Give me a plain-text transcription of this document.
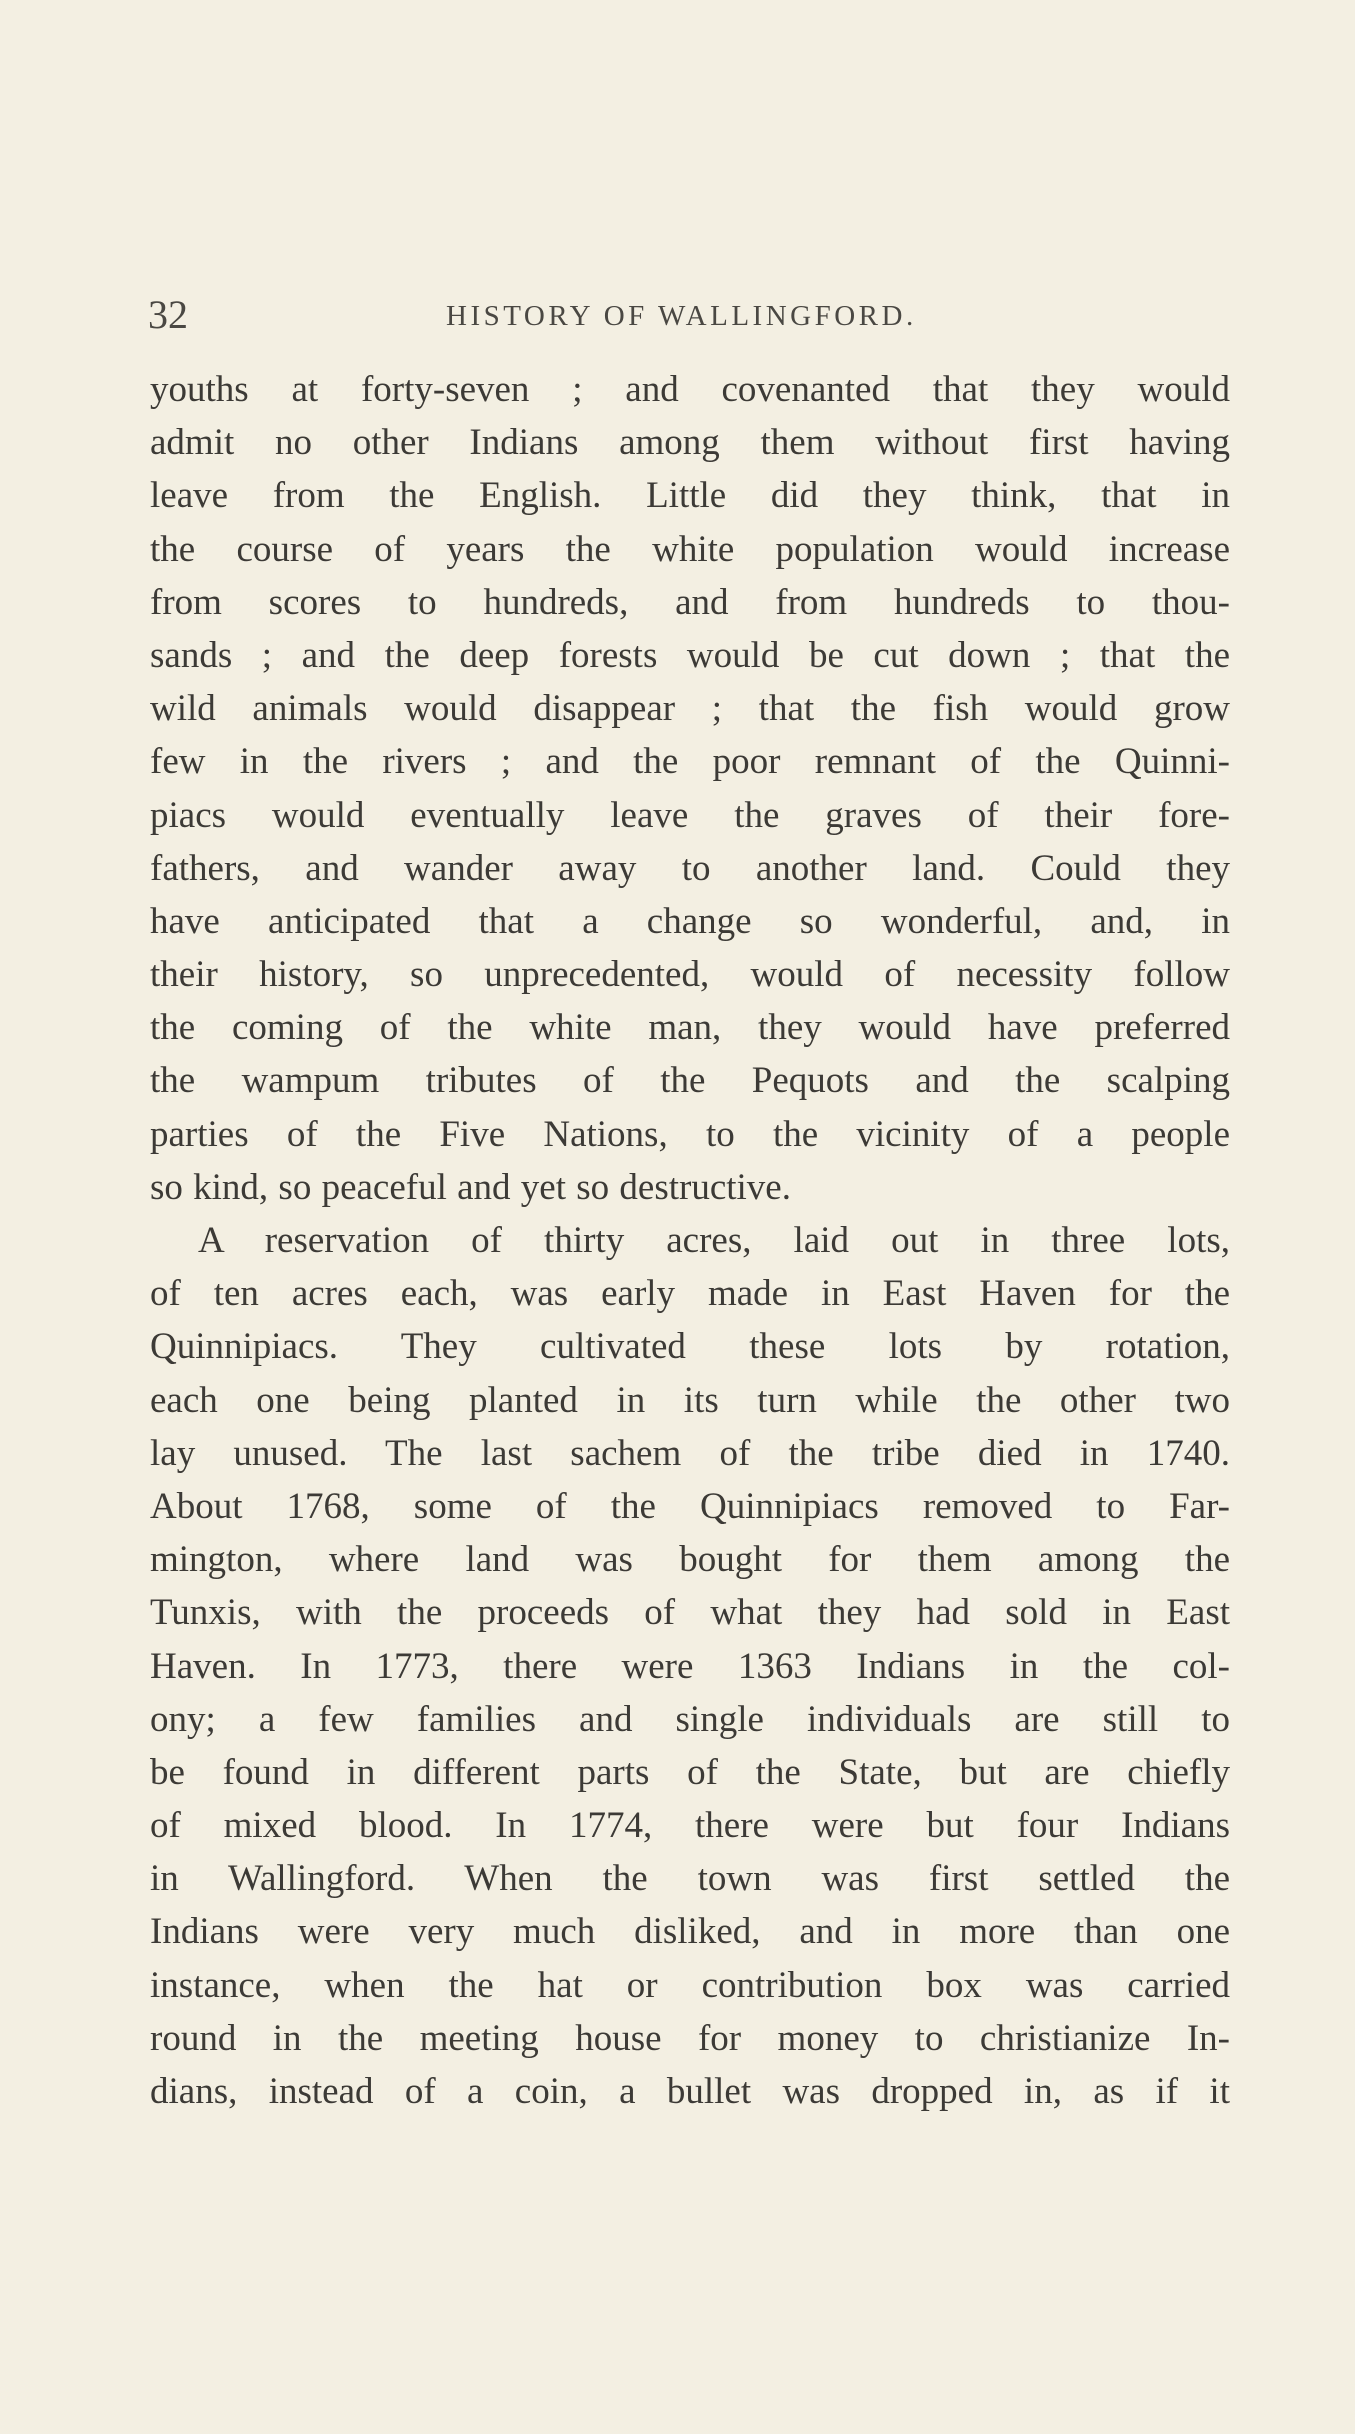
32	HISTORY OF WALLINGFORD.
youths at forty-seven ; and covenanted that they would
admit no other Indians among them without first having
leave from the English. Little did they think, that in
the course of years the white population would increase
from scores to hundreds, and from hundreds to thou-
sands ; and the deep forests would be cut down ; that the
wild animals would disappear ; that the fish would grow
few in the rivers ; and the poor remnant of the Quinni-
piacs would eventually leave the graves of their fore-
fathers, and wander away to another land. Could they
have anticipated that a change so wonderful, and, in
their history, so unprecedented, would of necessity follow
the coming of the white man, they would have preferred
the wampum tributes of the Pequots and the scalping
parties of the Five Nations, to the vicinity of a people
so kind, so peaceful and yet so destructive.
A reservation of thirty acres, laid out in three lots,
of ten acres each, was early made in East Haven for the
Quinnipiacs. They cultivated these lots by rotation,
each one being planted in its turn while the other two
lay unused. The last sachem of the tribe died in 1740.
About 1768, some of the Quinnipiacs removed to Far-
mington, where land was bought for them among the
Tunxis, with the proceeds of what they had sold in East
Haven. In 1773, there were 1363 Indians in the col-
ony; a few families and single individuals are still to
be found in different parts of the State, but are chiefly
of mixed blood. In 1774, there were but four Indians
in Wallingford. When the town was first settled the
Indians were very much disliked, and in more than one
instance, when the hat or contribution box was carried
round in the meeting house for money to christianize In-
dians, instead of a coin, a bullet was dropped in, as if it
